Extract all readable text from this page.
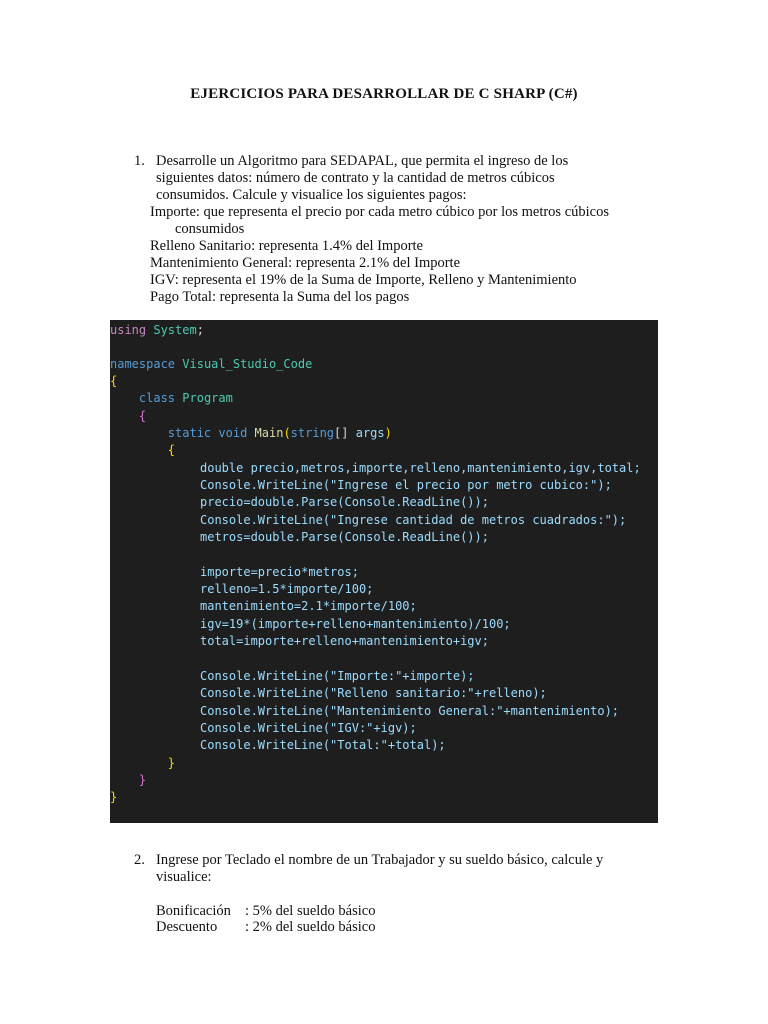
EJERCICIOS PARA DESARROLLAR DE C SHARP (C#)
1. Desarrolle un Algoritmo para SEDAPAL, que permita el ingreso de los
siguientes datos: número de contrato y la cantidad de metros cúbicos
consumidos. Calcule y visualice los siguientes pagos:
Importe: que representa el precio por cada metro cúbico por los metros cúbicos
consumidos
Relleno Sanitario: representa 1.4% del Importe
Mantenimiento General: representa 2.1% del Importe
IGV: representa el 19% de la Suma de Importe, Relleno y Mantenimiento
Pago Total: representa la Suma del los pagos
using System;
namespace Visual_Studio_Code
{
class Program
{
static void Main(string[] args)
{
double precio,metros,importe,relleno,mantenimiento,igv,total;
Console.WriteLine("Ingrese el precio por metro cubico:");
precio=double.Parse(Console.ReadLine());
Console.WriteLine("Ingrese cantidad de metros cuadrados:");
metros=double.Parse(Console.ReadLine());
importe=precio*metros;
relleno=1.5*importe/100;
mantenimiento=2.1*importe/100;
igv=19*(importe+relleno+mantenimiento)/100;
total=importe+relleno+mantenimiento+igv;
Console.WriteLine("Importe:"+importe);
Console.WriteLine("Relleno sanitario:"+relleno);
Console.WriteLine("Mantenimiento General:"+mantenimiento);
Console.WriteLine("IGV:"+igv);
Console.WriteLine("Total:"+total);
}
}
}
2. Ingrese por Teclado el nombre de un Trabajador y su sueldo básico, calcule y
visualice:
Bonificación : 5% del sueldo básico
Descuento : 2% del sueldo básico
